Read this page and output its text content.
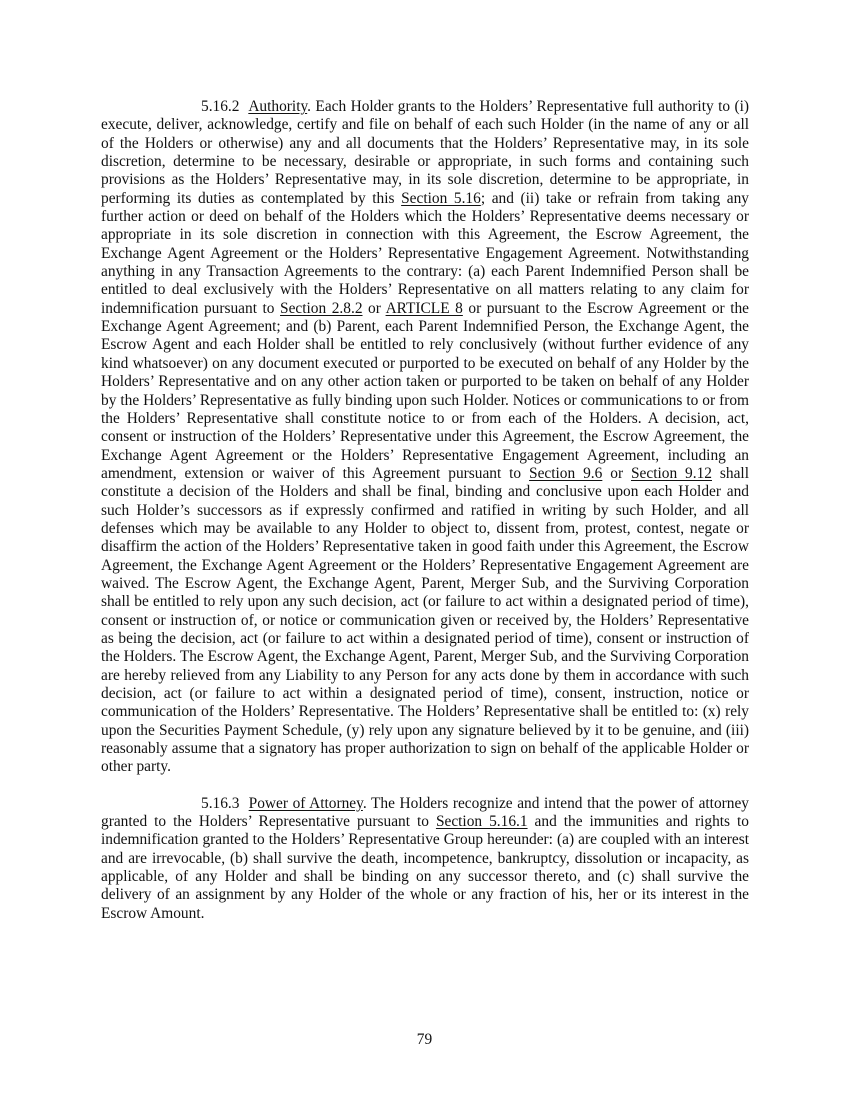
5.16.2 Authority. Each Holder grants to the Holders’ Representative full authority to (i) execute, deliver, acknowledge, certify and file on behalf of each such Holder (in the name of any or all of the Holders or otherwise) any and all documents that the Holders’ Representative may, in its sole discretion, determine to be necessary, desirable or appropriate, in such forms and containing such provisions as the Holders’ Representative may, in its sole discretion, determine to be appropriate, in performing its duties as contemplated by this Section 5.16; and (ii) take or refrain from taking any further action or deed on behalf of the Holders which the Holders’ Representative deems necessary or appropriate in its sole discretion in connection with this Agreement, the Escrow Agreement, the Exchange Agent Agreement or the Holders’ Representative Engagement Agreement. Notwithstanding anything in any Transaction Agreements to the contrary: (a) each Parent Indemnified Person shall be entitled to deal exclusively with the Holders’ Representative on all matters relating to any claim for indemnification pursuant to Section 2.8.2 or ARTICLE 8 or pursuant to the Escrow Agreement or the Exchange Agent Agreement; and (b) Parent, each Parent Indemnified Person, the Exchange Agent, the Escrow Agent and each Holder shall be entitled to rely conclusively (without further evidence of any kind whatsoever) on any document executed or purported to be executed on behalf of any Holder by the Holders’ Representative and on any other action taken or purported to be taken on behalf of any Holder by the Holders’ Representative as fully binding upon such Holder. Notices or communications to or from the Holders’ Representative shall constitute notice to or from each of the Holders. A decision, act, consent or instruction of the Holders’ Representative under this Agreement, the Escrow Agreement, the Exchange Agent Agreement or the Holders’ Representative Engagement Agreement, including an amendment, extension or waiver of this Agreement pursuant to Section 9.6 or Section 9.12 shall constitute a decision of the Holders and shall be final, binding and conclusive upon each Holder and such Holder’s successors as if expressly confirmed and ratified in writing by such Holder, and all defenses which may be available to any Holder to object to, dissent from, protest, contest, negate or disaffirm the action of the Holders’ Representative taken in good faith under this Agreement, the Escrow Agreement, the Exchange Agent Agreement or the Holders’ Representative Engagement Agreement are waived. The Escrow Agent, the Exchange Agent, Parent, Merger Sub, and the Surviving Corporation shall be entitled to rely upon any such decision, act (or failure to act within a designated period of time), consent or instruction of, or notice or communication given or received by, the Holders’ Representative as being the decision, act (or failure to act within a designated period of time), consent or instruction of the Holders. The Escrow Agent, the Exchange Agent, Parent, Merger Sub, and the Surviving Corporation are hereby relieved from any Liability to any Person for any acts done by them in accordance with such decision, act (or failure to act within a designated period of time), consent, instruction, notice or communication of the Holders’ Representative. The Holders’ Representative shall be entitled to: (x) rely upon the Securities Payment Schedule, (y) rely upon any signature believed by it to be genuine, and (iii) reasonably assume that a signatory has proper authorization to sign on behalf of the applicable Holder or other party.

5.16.3 Power of Attorney. The Holders recognize and intend that the power of attorney granted to the Holders’ Representative pursuant to Section 5.16.1 and the immunities and rights to indemnification granted to the Holders’ Representative Group hereunder: (a) are coupled with an interest and are irrevocable, (b) shall survive the death, incompetence, bankruptcy, dissolution or incapacity, as applicable, of any Holder and shall be binding on any successor thereto, and (c) shall survive the delivery of an assignment by any Holder of the whole or any fraction of his, her or its interest in the Escrow Amount.

79
